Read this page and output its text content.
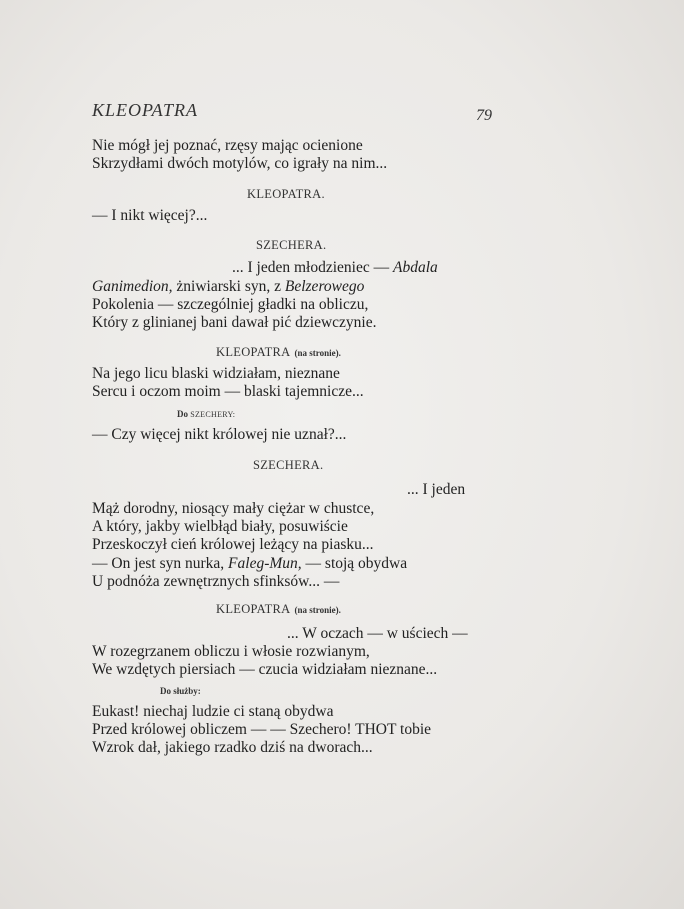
KLEOPATRA	79
Nie mógł jej poznać, rzęsy mając ocienione
Skrzydłami dwóch motylów, co igrały na nim...
KLEOPATRA.
— I nikt więcej?...
SZECHERA.
... I jeden młodzieniec — Abdala
Ganimedion, żniwiarski syn, z Belzerowego
Pokolenia — szczególniej gładki na obliczu,
Który z glinianej bani dawał pić dziewczynie.
KLEOPATRA (na stronie).
Na jego licu blaski widziałam, nieznane
Sercu i oczom moim — blaski tajemnicze...
Do SZECHERY:
— Czy więcej nikt królowej nie uznał?...
SZECHERA.
... I jeden
Mąż dorodny, niosący mały ciężar w chustce,
A który, jakby wielbłąd biały, posuwiście
Przeskoczył cień królowej leżący na piasku...
— On jest syn nurka, Faleg-Mun, — stoją obydwa
U podnóża zewnętrznych sfinksów... —
KLEOPATRA (na stronie).
... W oczach — w uściech —
W rozegrzanem obliczu i włosie rozwianym,
We wzdętych piersiach — czucia widziałam nieznane...
Do służby:
Eukast! niechaj ludzie ci staną obydwa
Przed królowej obliczem — — Szechero! THOT tobie
Wzrok dał, jakiego rzadko dziś na dworach...
